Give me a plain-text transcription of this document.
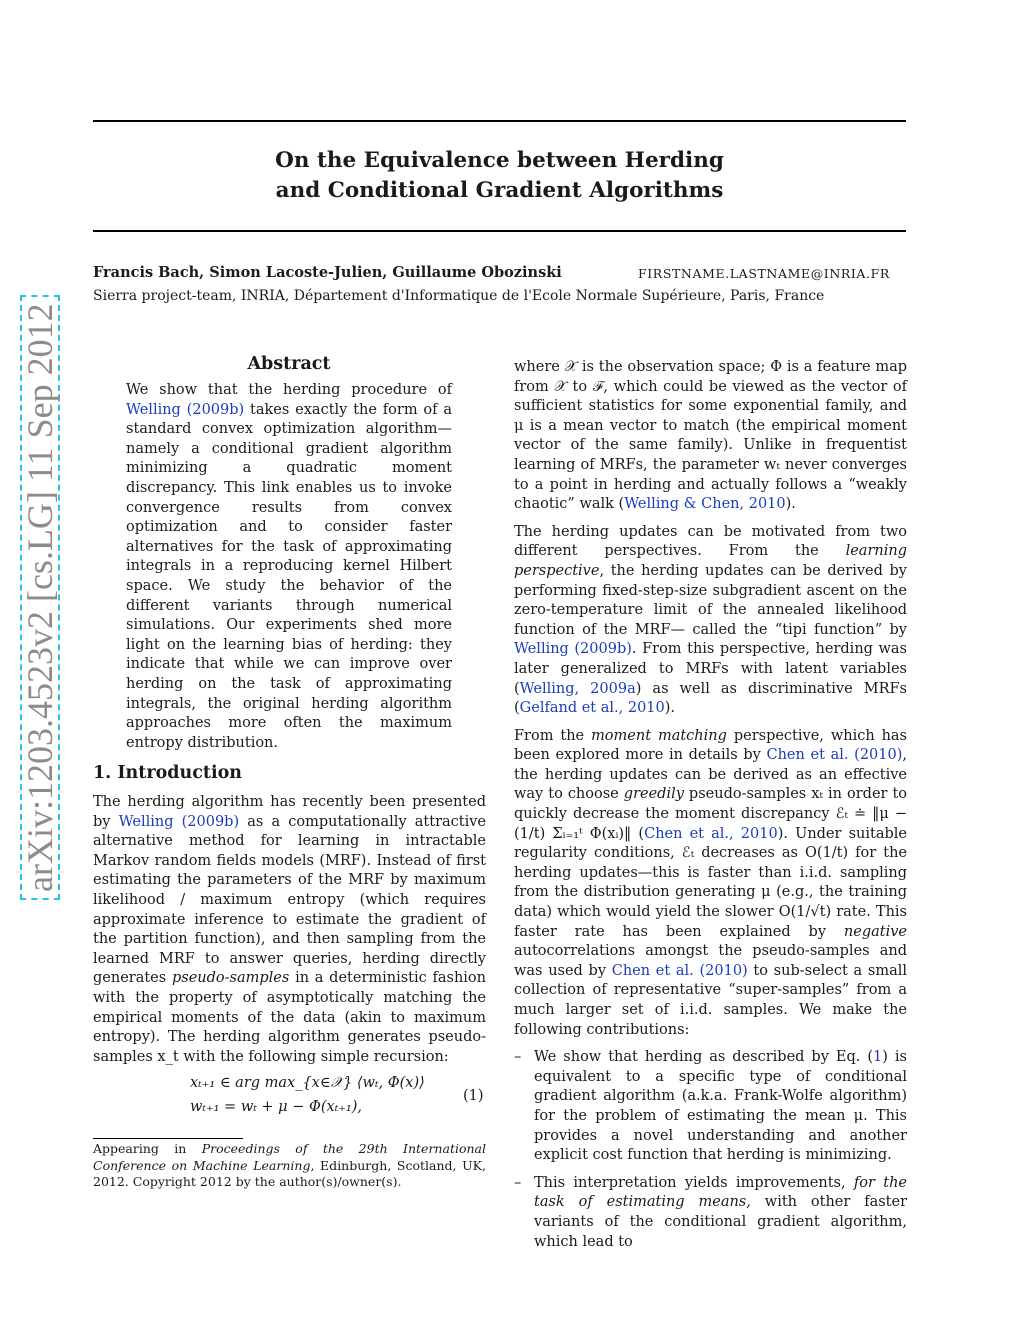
arXiv:1203.4523v2 [cs.LG] 11 Sep 2012
On the Equivalence between Herding
and Conditional Gradient Algorithms
Francis Bach, Simon Lacoste-Julien, Guillaume Obozinski	FIRSTNAME.LASTNAME@INRIA.FR
Sierra project-team, INRIA, Département d'Informatique de l'Ecole Normale Supérieure, Paris, France
Abstract
We show that the herding procedure of Welling (2009b) takes exactly the form of a standard convex optimization algorithm— namely a conditional gradient algorithm minimizing a quadratic moment discrepancy. This link enables us to invoke convergence results from convex optimization and to consider faster alternatives for the task of approximating integrals in a reproducing kernel Hilbert space. We study the behavior of the different variants through numerical simulations. Our experiments shed more light on the learning bias of herding: they indicate that while we can improve over herding on the task of approximating integrals, the original herding algorithm approaches more often the maximum entropy distribution.
1. Introduction
The herding algorithm has recently been presented by Welling (2009b) as a computationally attractive alternative method for learning in intractable Markov random fields models (MRF). Instead of first estimating the parameters of the MRF by maximum likelihood / maximum entropy (which requires approximate inference to estimate the gradient of the partition function), and then sampling from the learned MRF to answer queries, herding directly generates pseudo-samples in a deterministic fashion with the property of asymptotically matching the empirical moments of the data (akin to maximum entropy). The herding algorithm generates pseudo-samples x_t with the following simple recursion:
xₜ₊₁ ∈ arg max_{x∈𝒳} ⟨wₜ, Φ(x)⟩
wₜ₊₁ = wₜ + μ − Φ(xₜ₊₁),
(1)
Appearing in Proceedings of the 29th International Conference on Machine Learning, Edinburgh, Scotland, UK, 2012. Copyright 2012 by the author(s)/owner(s).

where 𝒳 is the observation space; Φ is a feature map from 𝒳 to ℱ, which could be viewed as the vector of sufficient statistics for some exponential family, and μ is a mean vector to match (the empirical moment vector of the same family). Unlike in frequentist learning of MRFs, the parameter wₜ never converges to a point in herding and actually follows a “weakly chaotic” walk (Welling & Chen, 2010).

The herding updates can be motivated from two different perspectives. From the learning perspective, the herding updates can be derived by performing fixed-step-size subgradient ascent on the zero-temperature limit of the annealed likelihood function of the MRF— called the “tipi function” by Welling (2009b). From this perspective, herding was later generalized to MRFs with latent variables (Welling, 2009a) as well as discriminative MRFs (Gelfand et al., 2010).

From the moment matching perspective, which has been explored more in details by Chen et al. (2010), the herding updates can be derived as an effective way to choose greedily pseudo-samples xₜ in order to quickly decrease the moment discrepancy ℰₜ ≐ ‖μ − (1/t) Σᵢ₌₁ᵗ Φ(xᵢ)‖ (Chen et al., 2010). Under suitable regularity conditions, ℰₜ decreases as O(1/t) for the herding updates—this is faster than i.i.d. sampling from the distribution generating μ (e.g., the training data) which would yield the slower O(1/√t) rate. This faster rate has been explained by negative autocorrelations amongst the pseudo-samples and was used by Chen et al. (2010) to sub-select a small collection of representative “super-samples” from a much larger set of i.i.d. samples. We make the following contributions:

– We show that herding as described by Eq. (1) is equivalent to a specific type of conditional gradient algorithm (a.k.a. Frank-Wolfe algorithm) for the problem of estimating the mean μ. This provides a novel understanding and another explicit cost function that herding is minimizing.
– This interpretation yields improvements, for the task of estimating means, with other faster variants of the conditional gradient algorithm, which lead to
